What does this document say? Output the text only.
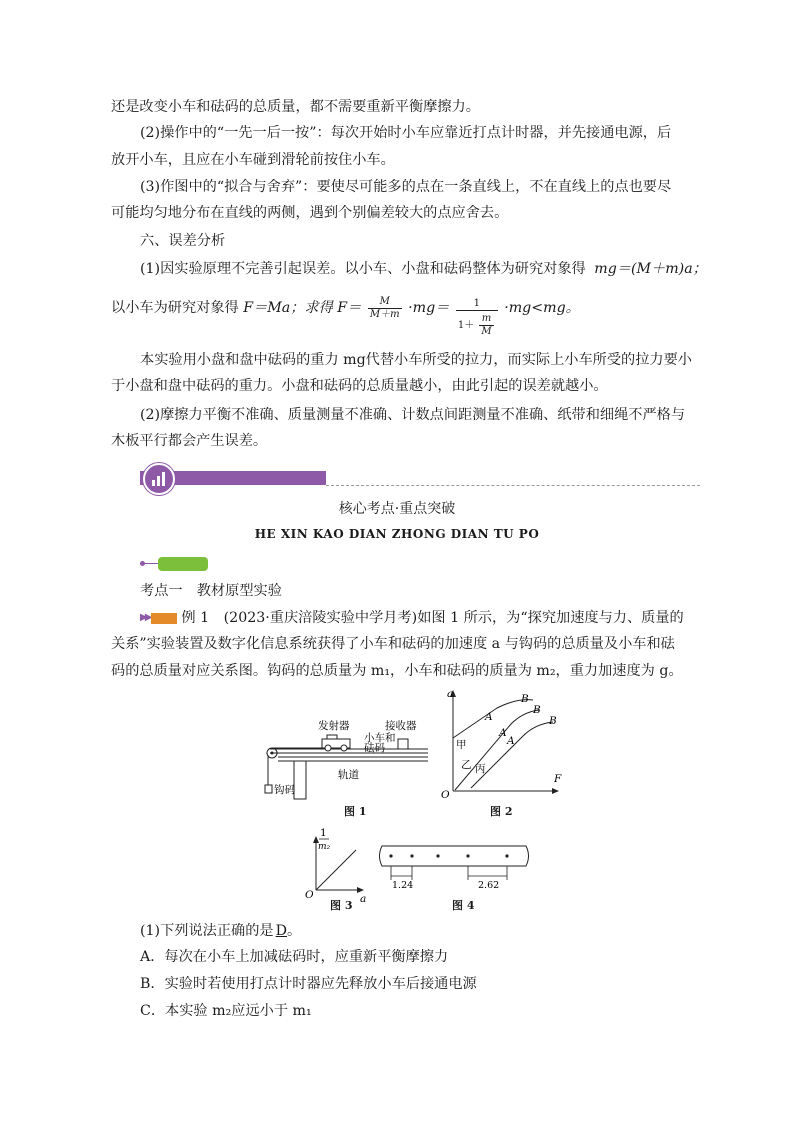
还是改变小车和砝码的总质量，都不需要重新平衡摩擦力。
(2)操作中的“一先一后一按”：每次开始时小车应靠近打点计时器，并先接通电源，后
放开小车，且应在小车碰到滑轮前按住小车。
(3)作图中的“拟合与舍弃”：要使尽可能多的点在一条直线上，不在直线上的点也要尽
可能均匀地分布在直线的两侧，遇到个别偏差较大的点应舍去。
六、误差分析
(1)因实验原理不完善引起误差。以小车、小盘和砝码整体为研究对象得 mg＝(M＋m)a；
以小车为研究对象得 F＝Ma；求得 $F= \frac{M}{M+m} \cdot mg= \frac{1}{1+ \frac{m}{M}} \cdot mg<mg$。
本实验用小盘和盘中砝码的重力 mg代替小车所受的拉力，而实际上小车所受的拉力要小
于小盘和盘中砝码的重力。小盘和砝码的总质量越小，由此引起的误差就越小。
(2)摩擦力平衡不准确、质量测量不准确、计数点间距测量不准确、纸带和细绳不严格与
木板平行都会产生误差。
核心考点·重点突破
HE XIN KAO DIAN ZHONG DIAN TU PO
考点一　教材原型实验
▶▶ 例 1 (2023·重庆涪陵实验中学月考)如图 1 所示，为“探究加速度与力、质量的
关系”实验装置及数字化信息系统获得了小车和砝码的加速度 a 与钩码的总质量及小车和砝
码的总质量对应关系图。钩码的总质量为 m₁，小车和砝码的质量为 m₂，重力加速度为 g。
发射器	接收器
小车和
砝码
轨道
钩码
图 1
a
F
O
甲
乙 丙
A
A
A
B
B
B
图 2
1
m₂
a
O
图 3
1.24	2.62
图 4
(1)下列说法正确的是 D。
A．每次在小车上加减砝码时，应重新平衡摩擦力
B．实验时若使用打点计时器应先释放小车后接通电源
C．本实验 m₂应远小于 m₁
